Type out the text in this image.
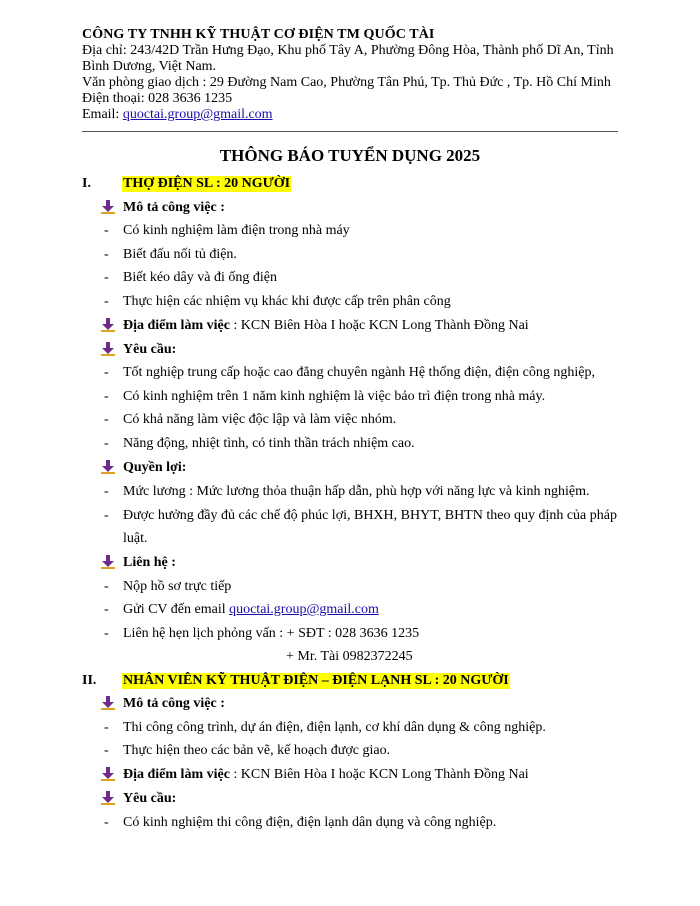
CÔNG TY TNHH KỸ THUẬT CƠ ĐIỆN TM QUỐC TÀI
Địa chỉ: 243/42D Trần Hưng Đạo, Khu phố Tây A, Phường Đông Hòa, Thành phố Dĩ An, Tỉnh Bình Dương, Việt Nam.
Văn phòng giao dịch : 29 Đường Nam Cao, Phường Tân Phú, Tp. Thủ Đức , Tp. Hồ Chí Minh
Điện thoại: 028 3636 1235
Email: quoctai.group@gmail.com
THÔNG BÁO TUYỂN DỤNG 2025
I. THỢ ĐIỆN SL : 20 NGƯỜI
Mô tả công việc :
- Có kinh nghiệm làm điện trong nhà máy
- Biết đấu nối tủ điện.
- Biết kéo dây và đi ống điện
- Thực hiện các nhiệm vụ khác khi được cấp trên phân công
Địa điểm làm việc : KCN Biên Hòa I hoặc KCN Long Thành Đồng Nai
Yêu cầu:
- Tốt nghiệp trung cấp hoặc cao đẳng chuyên ngành Hệ thống điện, điện công nghiệp,
- Có kinh nghiệm trên 1 năm kinh nghiệm là việc bảo trì điện trong nhà máy.
- Có khả năng làm việc độc lập và làm việc nhóm.
- Năng động, nhiệt tình, có tinh thần trách nhiệm cao.
Quyền lợi:
- Mức lương : Mức lương thỏa thuận hấp dẫn, phù hợp với năng lực và kinh nghiệm.
- Được hưởng đầy đủ các chế độ phúc lợi, BHXH, BHYT, BHTN theo quy định của pháp luật.
Liên hệ :
- Nộp hồ sơ trực tiếp
- Gửi CV đến email quoctai.group@gmail.com
- Liên hệ hẹn lịch phỏng vấn : + SĐT : 028 3636 1235
+ Mr. Tài 0982372245
II. NHÂN VIÊN KỸ THUẬT ĐIỆN – ĐIỆN LẠNH SL : 20 NGƯỜI
Mô tả công việc :
- Thi công công trình, dự án điện, điện lạnh, cơ khí dân dụng & công nghiệp.
- Thực hiện theo các bản vẽ, kế hoạch được giao.
Địa điểm làm việc : KCN Biên Hòa I hoặc KCN Long Thành Đồng Nai
Yêu cầu:
- Có kinh nghiệm thi công điện, điện lạnh dân dụng và công nghiệp.
